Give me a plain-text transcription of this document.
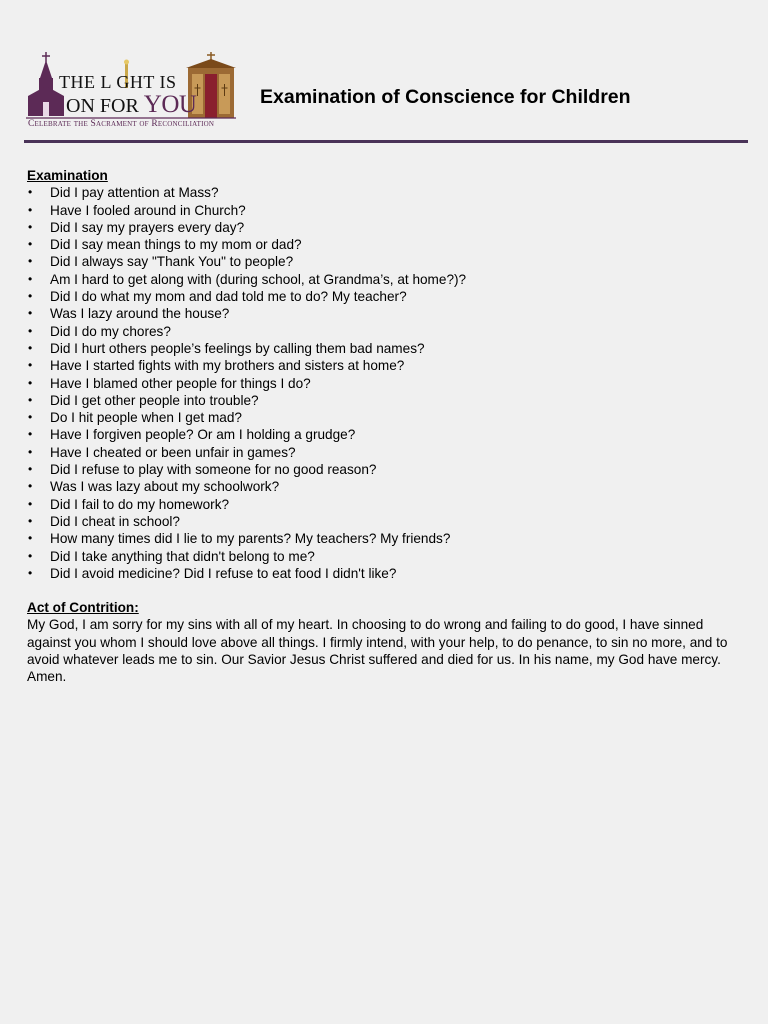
THE L GHT IS
ON FOR YOU
Celebrate the Sacrament of Reconciliation
Examination of Conscience for Children
Examination
• Did I pay attention at Mass?
• Have I fooled around in Church?
• Did I say my prayers every day?
• Did I say mean things to my mom or dad?
• Did I always say "Thank You" to people?
• Am I hard to get along with (during school, at Grandma’s, at home?)?
• Did I do what my mom and dad told me to do? My teacher?
• Was I lazy around the house?
• Did I do my chores?
• Did I hurt others people’s feelings by calling them bad names?
• Have I started fights with my brothers and sisters at home?
• Have I blamed other people for things I do?
• Did I get other people into trouble?
• Do I hit people when I get mad?
• Have I forgiven people? Or am I holding a grudge?
• Have I cheated or been unfair in games?
• Did I refuse to play with someone for no good reason?
• Was I was lazy about my schoolwork?
• Did I fail to do my homework?
• Did I cheat in school?
• How many times did I lie to my parents? My teachers? My friends?
• Did I take anything that didn't belong to me?
• Did I avoid medicine? Did I refuse to eat food I didn't like?
Act of Contrition:

My God, I am sorry for my sins with all of my heart. In choosing to do wrong and failing to do good, I have sinned against you whom I should love above all things. I firmly intend, with your help, to do penance, to sin no more, and to avoid whatever leads me to sin. Our Savior Jesus Christ suffered and died for us. In his name, my God have mercy. Amen.
